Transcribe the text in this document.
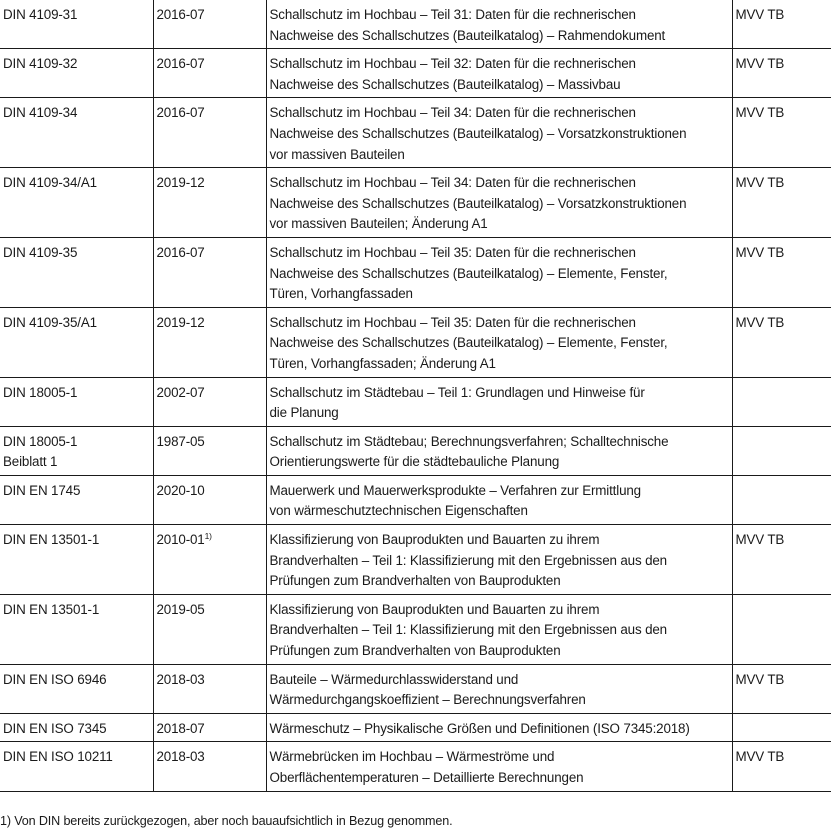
DIN 4109-31	2016-07	Schallschutz im Hochbau – Teil 31: Daten für die rechnerischen
Nachweise des Schallschutzes (Bauteilkatalog) – Rahmendokument	MVV TB

DIN 4109-32	2016-07	Schallschutz im Hochbau – Teil 32: Daten für die rechnerischen
Nachweise des Schallschutzes (Bauteilkatalog) – Massivbau	MVV TB

DIN 4109-34	2016-07	Schallschutz im Hochbau – Teil 34: Daten für die rechnerischen
Nachweise des Schallschutzes (Bauteilkatalog) – Vorsatzkonstruktionen
vor massiven Bauteilen	MVV TB

DIN 4109-34/A1	2019-12	Schallschutz im Hochbau – Teil 34: Daten für die rechnerischen
Nachweise des Schallschutzes (Bauteilkatalog) – Vorsatzkonstruktionen
vor massiven Bauteilen; Änderung A1	MVV TB

DIN 4109-35	2016-07	Schallschutz im Hochbau – Teil 35: Daten für die rechnerischen
Nachweise des Schallschutzes (Bauteilkatalog) – Elemente, Fenster,
Türen, Vorhangfassaden	MVV TB

DIN 4109-35/A1	2019-12	Schallschutz im Hochbau – Teil 35: Daten für die rechnerischen
Nachweise des Schallschutzes (Bauteilkatalog) – Elemente, Fenster,
Türen, Vorhangfassaden; Änderung A1	MVV TB

DIN 18005-1	2002-07	Schallschutz im Städtebau – Teil 1: Grundlagen und Hinweise für
die Planung	

DIN 18005-1
Beiblatt 1	1987-05	Schallschutz im Städtebau; Berechnungsverfahren; Schalltechnische
Orientierungswerte für die städtebauliche Planung	

DIN EN 1745	2020-10	Mauerwerk und Mauerwerksprodukte – Verfahren zur Ermittlung
von wärmeschutztechnischen Eigenschaften	

DIN EN 13501-1	2010-01$^{1)}$	Klassifizierung von Bauprodukten und Bauarten zu ihrem
Brandverhalten – Teil 1: Klassifizierung mit den Ergebnissen aus den
Prüfungen zum Brandverhalten von Bauprodukten	MVV TB

DIN EN 13501-1	2019-05	Klassifizierung von Bauprodukten und Bauarten zu ihrem
Brandverhalten – Teil 1: Klassifizierung mit den Ergebnissen aus den
Prüfungen zum Brandverhalten von Bauprodukten	

DIN EN ISO 6946	2018-03	Bauteile – Wärmedurchlasswiderstand und
Wärmedurchgangskoeffizient – Berechnungsverfahren	MVV TB

DIN EN ISO 7345	2018-07	Wärmeschutz – Physikalische Größen und Definitionen (ISO 7345:2018)	

DIN EN ISO 10211	2018-03	Wärmebrücken im Hochbau – Wärmeströme und
Oberflächentemperaturen – Detaillierte Berechnungen	MVV TB
1) Von DIN bereits zurückgezogen, aber noch bauaufsichtlich in Bezug genommen.
